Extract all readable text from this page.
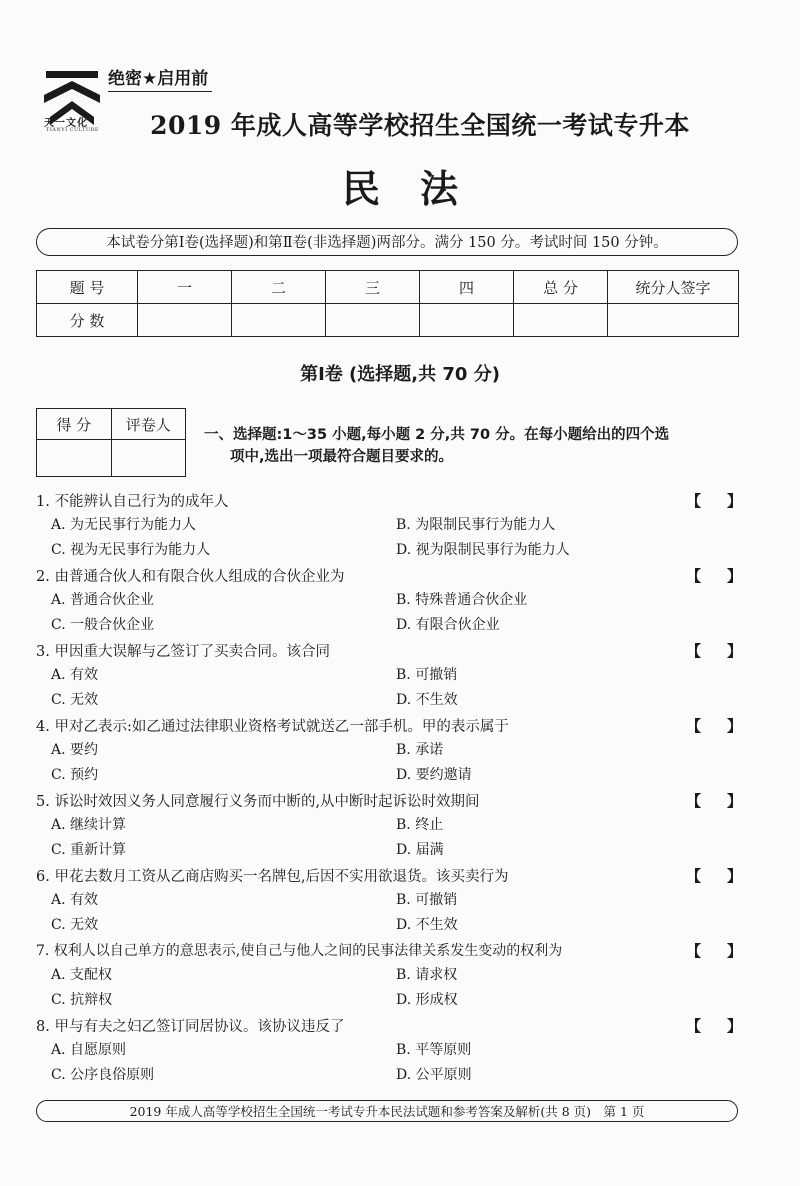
天一文化
TIANYI CULTURE
绝密★启用前
2019 年成人高等学校招生全国统一考试专升本
民法
本试卷分第Ⅰ卷(选择题)和第Ⅱ卷(非选择题)两部分。满分 150 分。考试时间 150 分钟。
题 号	一	二	三	四	总 分	统分人签字
分 数						
第Ⅰ卷 (选择题,共 70 分)
得 分	评卷人

一、选择题:1～35 小题,每小题 2 分,共 70 分。在每小题给出的四个选
项中,选出一项最符合题目要求的。
1. 不能辨认自己行为的成年人	【 】
A. 为无民事行为能力人	B. 为限制民事行为能力人
C. 视为无民事行为能力人	D. 视为限制民事行为能力人
2. 由普通合伙人和有限合伙人组成的合伙企业为	【 】
A. 普通合伙企业	B. 特殊普通合伙企业
C. 一般合伙企业	D. 有限合伙企业
3. 甲因重大误解与乙签订了买卖合同。该合同	【 】
A. 有效	B. 可撤销
C. 无效	D. 不生效
4. 甲对乙表示:如乙通过法律职业资格考试就送乙一部手机。甲的表示属于	【 】
A. 要约	B. 承诺
C. 预约	D. 要约邀请
5. 诉讼时效因义务人同意履行义务而中断的,从中断时起诉讼时效期间	【 】
A. 继续计算	B. 终止
C. 重新计算	D. 届满
6. 甲花去数月工资从乙商店购买一名牌包,后因不实用欲退货。该买卖行为	【 】
A. 有效	B. 可撤销
C. 无效	D. 不生效
7. 权利人以自己单方的意思表示,使自己与他人之间的民事法律关系发生变动的权利为	【 】
A. 支配权	B. 请求权
C. 抗辩权	D. 形成权
8. 甲与有夫之妇乙签订同居协议。该协议违反了	【 】
A. 自愿原则	B. 平等原则
C. 公序良俗原则	D. 公平原则
2019 年成人高等学校招生全国统一考试专升本民法试题和参考答案及解析(共 8 页)　第 1 页
